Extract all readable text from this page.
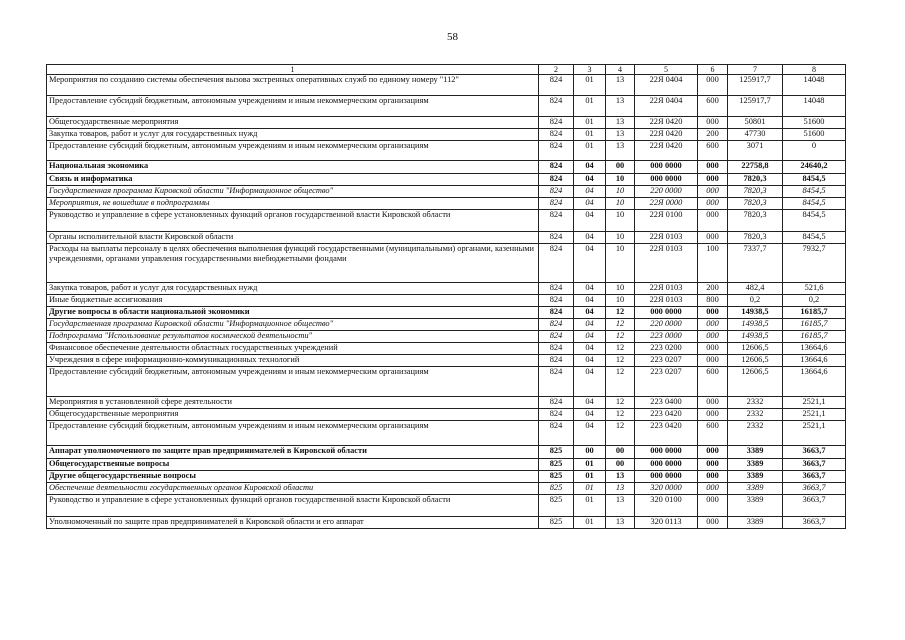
58
1	2	3	4	5	6	7	8
Мероприятия по созданию системы обеспечения вызова экстренных оперативных служб по единому номеру "112"	824	01	13	22Я 0404	000	125917,7	14048
Предоставление субсидий бюджетным, автономным учреждениям и иным некоммерческим организациям	824	01	13	22Я 0404	600	125917,7	14048
Общегосударственные мероприятия	824	01	13	22Я 0420	000	50801	51600
Закупка товаров, работ и услуг для государственных нужд	824	01	13	22Я 0420	200	47730	51600
Предоставление субсидий бюджетным, автономным учреждениям и иным некоммерческим организациям	824	01	13	22Я 0420	600	3071	0
Национальная экономика	824	04	00	000 0000	000	22758,8	24640,2
Связь и информатика	824	04	10	000 0000	000	7820,3	8454,5
Государственная программа Кировской области "Информационное общество"	824	04	10	220 0000	000	7820,3	8454,5
Мероприятия, не вошедшие в подпрограммы	824	04	10	22Я 0000	000	7820,3	8454,5
Руководство и управление в сфере установленных функций органов государственной власти Кировской области	824	04	10	22Я 0100	000	7820,3	8454,5
Органы исполнительной власти Кировской области	824	04	10	22Я 0103	000	7820,3	8454,5
Расходы на выплаты персоналу в целях обеспечения выполнения функций государственными (муниципальными) органами, казенными учреждениями, органами управления государственными внебюджетными фондами	824	04	10	22Я 0103	100	7337,7	7932,7
Закупка товаров, работ и услуг для государственных нужд	824	04	10	22Я 0103	200	482,4	521,6
Иные бюджетные ассигнования	824	04	10	22Я 0103	800	0,2	0,2
Другие вопросы в области национальной экономики	824	04	12	000 0000	000	14938,5	16185,7
Государственная программа Кировской области "Информационное общество"	824	04	12	220 0000	000	14938,5	16185,7
Подпрограмма "Использование результатов космической деятельности"	824	04	12	223 0000	000	14938,5	16185,7
Финансовое обеспечение деятельности областных государственных учреждений	824	04	12	223 0200	000	12606,5	13664,6
Учреждения в сфере информационно-коммуникационных технологий	824	04	12	223 0207	000	12606,5	13664,6
Предоставление субсидий бюджетным, автономным учреждениям и иным некоммерческим организациям	824	04	12	223 0207	600	12606,5	13664,6
Мероприятия в установленной сфере деятельности	824	04	12	223 0400	000	2332	2521,1
Общегосударственные мероприятия	824	04	12	223 0420	000	2332	2521,1
Предоставление субсидий бюджетным, автономным учреждениям и иным некоммерческим организациям	824	04	12	223 0420	600	2332	2521,1
Аппарат уполномоченного по защите прав предпринимателей в Кировской области	825	00	00	000 0000	000	3389	3663,7
Общегосударственные вопросы	825	01	00	000 0000	000	3389	3663,7
Другие общегосударственные вопросы	825	01	13	000 0000	000	3389	3663,7
Обеспечение деятельности государственных органов Кировской области	825	01	13	320 0000	000	3389	3663,7
Руководство и управление в сфере установленных функций органов государственной власти Кировской области	825	01	13	320 0100	000	3389	3663,7
Уполномоченный по защите прав предпринимателей в Кировской области и его аппарат	825	01	13	320 0113	000	3389	3663,7
